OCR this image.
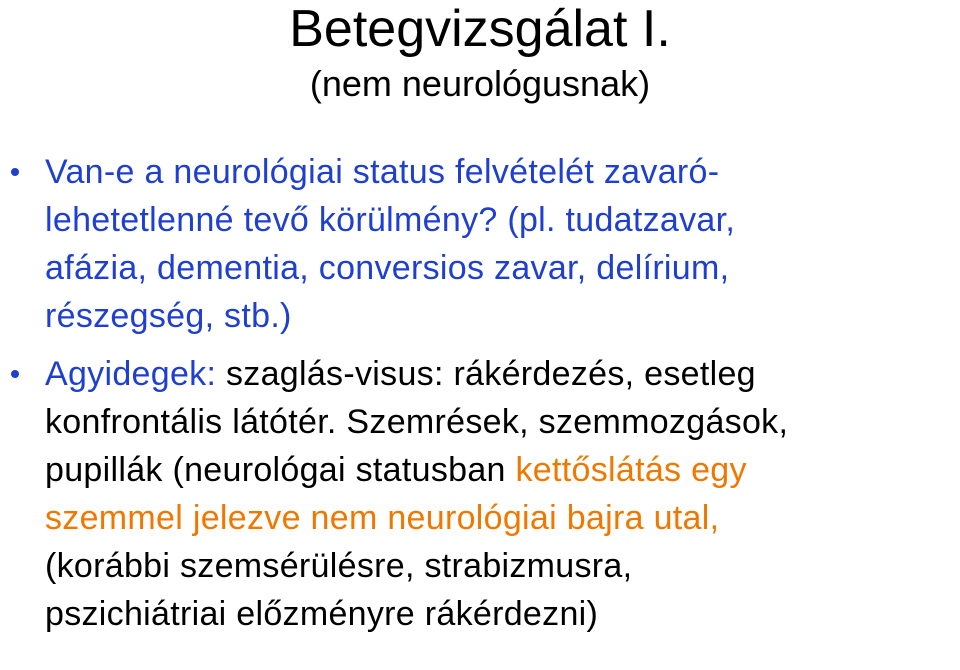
Betegvizsgálat I.
(nem neurológusnak)
Van-e a neurológiai status felvételét zavaró-
lehetetlenné tevő körülmény? (pl. tudatzavar,
afázia, dementia, conversios zavar, delírium,
részegség, stb.)
Agyidegek: szaglás-visus: rákérdezés, esetleg
konfrontális látótér. Szemrések, szemmozgások,
pupillák (neurológai statusban kettőslátás egy
szemmel jelezve nem neurológiai bajra utal,
(korábbi szemsérülésre, strabizmusra,
pszichiátriai előzményre rákérdezni)
